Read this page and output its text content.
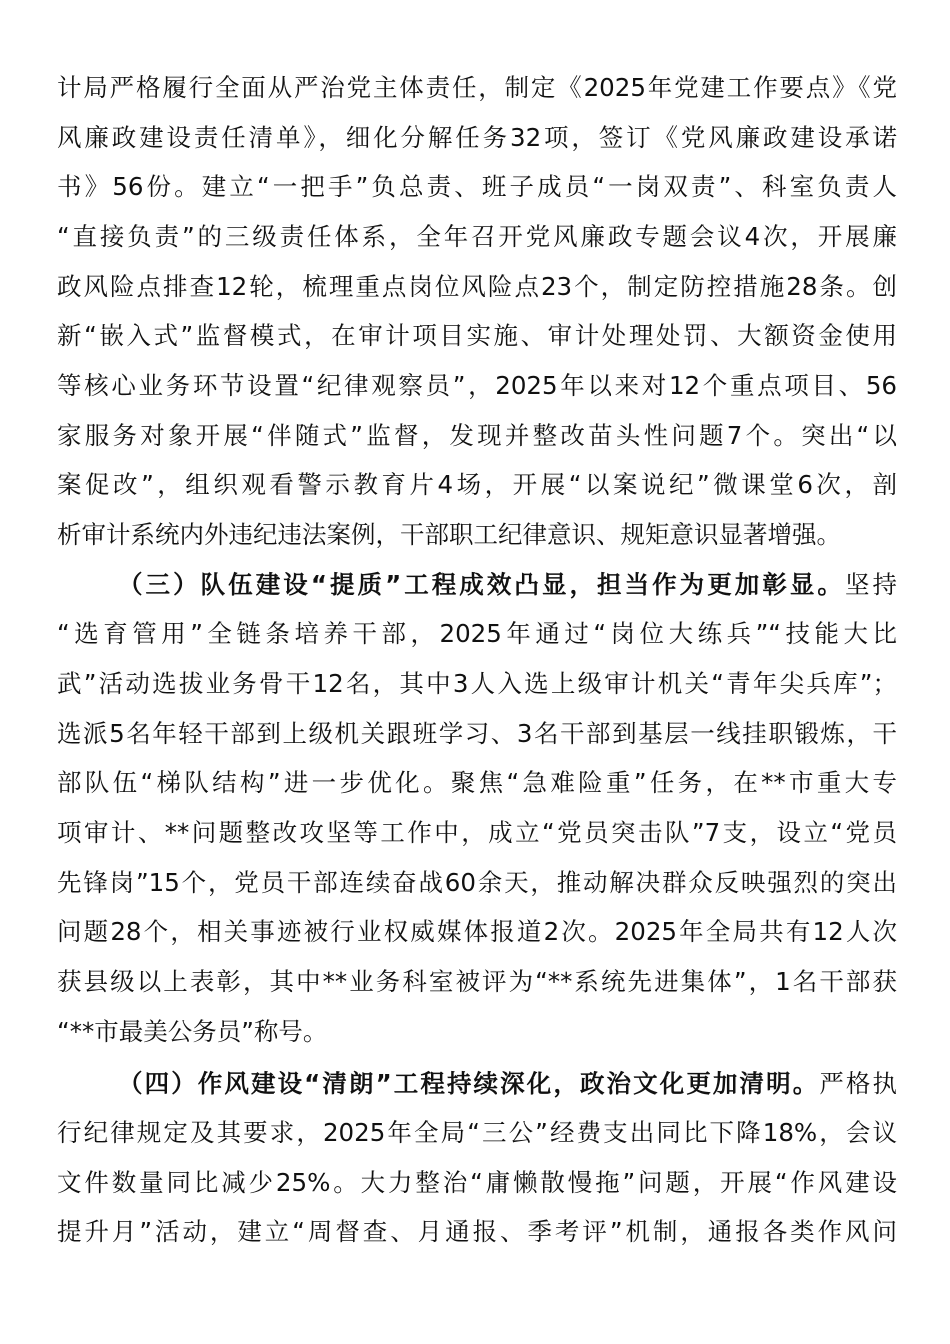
计局严格履行全面从严治党主体责任，制定《2025年党建工作要点》《党
风廉政建设责任清单》，细化分解任务32项，签订《党风廉政建设承诺
书》56份。建立“一把手”负总责、班子成员“一岗双责”、科室负责人
“直接负责”的三级责任体系，全年召开党风廉政专题会议4次，开展廉
政风险点排查12轮，梳理重点岗位风险点23个，制定防控措施28条。创
新“嵌入式”监督模式，在审计项目实施、审计处理处罚、大额资金使用
等核心业务环节设置“纪律观察员”，2025年以来对12个重点项目、56
家服务对象开展“伴随式”监督，发现并整改苗头性问题7个。突出“以
案促改”，组织观看警示教育片4场，开展“以案说纪”微课堂6次，剖
析审计系统内外违纪违法案例，干部职工纪律意识、规矩意识显著增强。
（三）队伍建设“提质”工程成效凸显，担当作为更加彰显。坚持
“选育管用”全链条培养干部，2025年通过“岗位大练兵”“技能大比
武”活动选拔业务骨干12名，其中3人入选上级审计机关“青年尖兵库”；
选派5名年轻干部到上级机关跟班学习、3名干部到基层一线挂职锻炼，干
部队伍“梯队结构”进一步优化。聚焦“急难险重”任务，在**市重大专
项审计、**问题整改攻坚等工作中，成立“党员突击队”7支，设立“党员
先锋岗”15个，党员干部连续奋战60余天，推动解决群众反映强烈的突出
问题28个，相关事迹被行业权威媒体报道2次。2025年全局共有12人次
获县级以上表彰，其中**业务科室被评为“**系统先进集体”，1名干部获
“**市最美公务员”称号。
（四）作风建设“清朗”工程持续深化，政治文化更加清明。严格执
行纪律规定及其要求，2025年全局“三公”经费支出同比下降18%，会议
文件数量同比减少25%。大力整治“庸懒散慢拖”问题，开展“作风建设
提升月”活动，建立“周督查、月通报、季考评”机制，通报各类作风问
